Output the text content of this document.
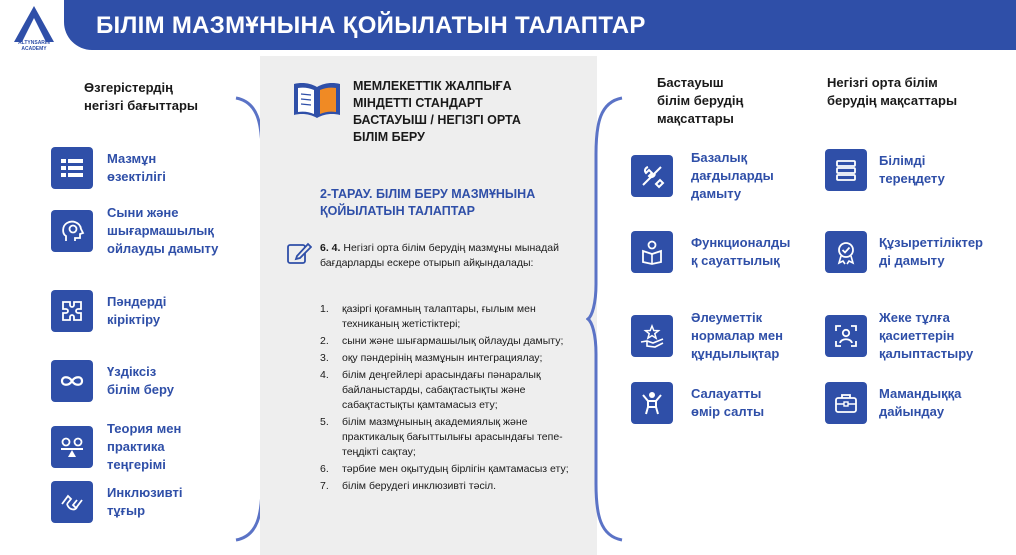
ALTYNSARIN ACADEMY
БІЛІМ МАЗМҰНЫНА ҚОЙЫЛАТЫН ТАЛАПТАР
Өзгерістердің
негізгі бағыттары
Мазмұн
өзектілігі
Сыни және
шығармашылық
ойлауды дамыту
Пәндерді
кіріктіру
Үздіксіз
білім беру
Теория мен
практика
теңгерімі
Инклюзивті
тұғыр
МЕМЛЕКЕТТІК ЖАЛПЫҒА
МІНДЕТТІ СТАНДАРТ
БАСТАУЫШ / НЕГІЗГІ ОРТА
БІЛІМ БЕРУ
2-ТАРАУ. БІЛІМ БЕРУ МАЗМҰНЫНА
ҚОЙЫЛАТЫН ТАЛАПТАР
6. 4. Негізгі орта білім берудің мазмұны мынадай бағдарларды ескере отырып айқындалады:
1.	қазіргі қоғамның талаптары, ғылым мен техниканың жетістіктері;
2.	сыни және шығармашылық ойлауды дамыту;
3.	оқу пәндерінің мазмұнын интеграциялау;
4.	білім деңгейлері арасындағы пәнаралық байланыстарды, сабақтастықты және сабақтастықты қамтамасыз ету;
5.	білім мазмұнының академиялық және практикалық бағыттылығы арасындағы тепе-теңдікті сақтау;
6.	тәрбие мен оқытудың бірлігін қамтамасыз ету;
7.	білім берудегі инклюзивті тәсіл.
Бастауыш
білім берудің
мақсаттары
Базалық
дағдыларды
дамыту
Функционалды
қ сауаттылық
Әлеуметтік
нормалар мен
құндылықтар
Салауатты
өмір салты
Негізгі орта білім
берудің мақсаттары
Білімді
тереңдету
Құзыреттіліктер
ді дамыту
Жеке тұлға
қасиеттерін
қалыптастыру
Мамандыққа
дайындау
